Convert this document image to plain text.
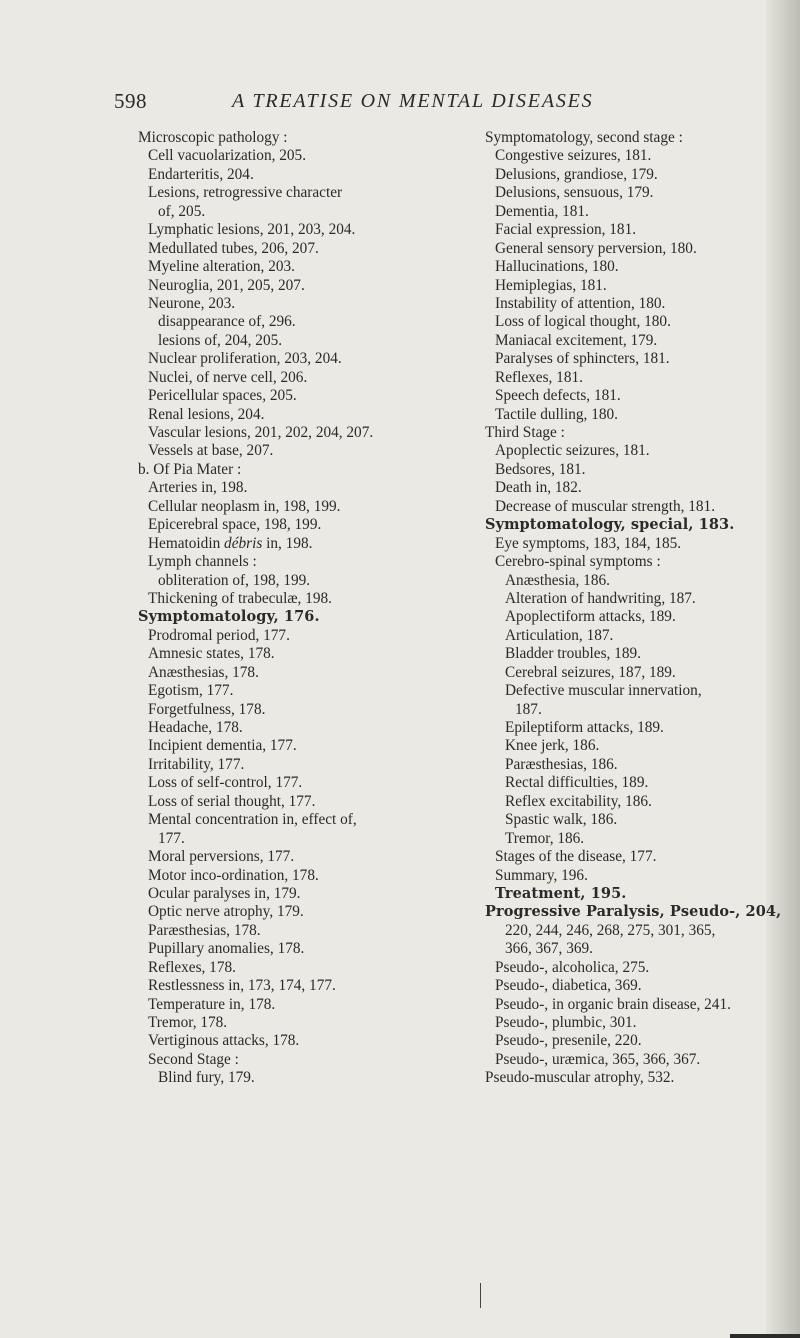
598	A TREATISE ON MENTAL DISEASES
Microscopic pathology :
Cell vacuolarization, 205.
Endarteritis, 204.
Lesions, retrogressive character
of, 205.
Lymphatic lesions, 201, 203, 204.
Medullated tubes, 206, 207.
Myeline alteration, 203.
Neuroglia, 201, 205, 207.
Neurone, 203.
disappearance of, 296.
lesions of, 204, 205.
Nuclear proliferation, 203, 204.
Nuclei, of nerve cell, 206.
Pericellular spaces, 205.
Renal lesions, 204.
Vascular lesions, 201, 202, 204, 207.
Vessels at base, 207.
b. Of Pia Mater :
Arteries in, 198.
Cellular neoplasm in, 198, 199.
Epicerebral space, 198, 199.
Hematoidin débris in, 198.
Lymph channels :
obliteration of, 198, 199.
Thickening of trabeculæ, 198.
Symptomatology, 176.
Prodromal period, 177.
Amnesic states, 178.
Anæsthesias, 178.
Egotism, 177.
Forgetfulness, 178.
Headache, 178.
Incipient dementia, 177.
Irritability, 177.
Loss of self-control, 177.
Loss of serial thought, 177.
Mental concentration in, effect of,
177.
Moral perversions, 177.
Motor inco-ordination, 178.
Ocular paralyses in, 179.
Optic nerve atrophy, 179.
Paræsthesias, 178.
Pupillary anomalies, 178.
Reflexes, 178.
Restlessness in, 173, 174, 177.
Temperature in, 178.
Tremor, 178.
Vertiginous attacks, 178.
Second Stage :
Blind fury, 179.
Symptomatology, second stage :
Congestive seizures, 181.
Delusions, grandiose, 179.
Delusions, sensuous, 179.
Dementia, 181.
Facial expression, 181.
General sensory perversion, 180.
Hallucinations, 180.
Hemiplegias, 181.
Instability of attention, 180.
Loss of logical thought, 180.
Maniacal excitement, 179.
Paralyses of sphincters, 181.
Reflexes, 181.
Speech defects, 181.
Tactile dulling, 180.
Third Stage :
Apoplectic seizures, 181.
Bedsores, 181.
Death in, 182.
Decrease of muscular strength, 181.
Symptomatology, special, 183.
Eye symptoms, 183, 184, 185.
Cerebro-spinal symptoms :
Anæsthesia, 186.
Alteration of handwriting, 187.
Apoplectiform attacks, 189.
Articulation, 187.
Bladder troubles, 189.
Cerebral seizures, 187, 189.
Defective muscular innervation,
187.
Epileptiform attacks, 189.
Knee jerk, 186.
Paræsthesias, 186.
Rectal difficulties, 189.
Reflex excitability, 186.
Spastic walk, 186.
Tremor, 186.
Stages of the disease, 177.
Summary, 196.
Treatment, 195.
Progressive Paralysis, Pseudo-, 204,
220, 244, 246, 268, 275, 301, 365,
366, 367, 369.
Pseudo-, alcoholica, 275.
Pseudo-, diabetica, 369.
Pseudo-, in organic brain disease, 241.
Pseudo-, plumbic, 301.
Pseudo-, presenile, 220.
Pseudo-, uræmica, 365, 366, 367.
Pseudo-muscular atrophy, 532.
